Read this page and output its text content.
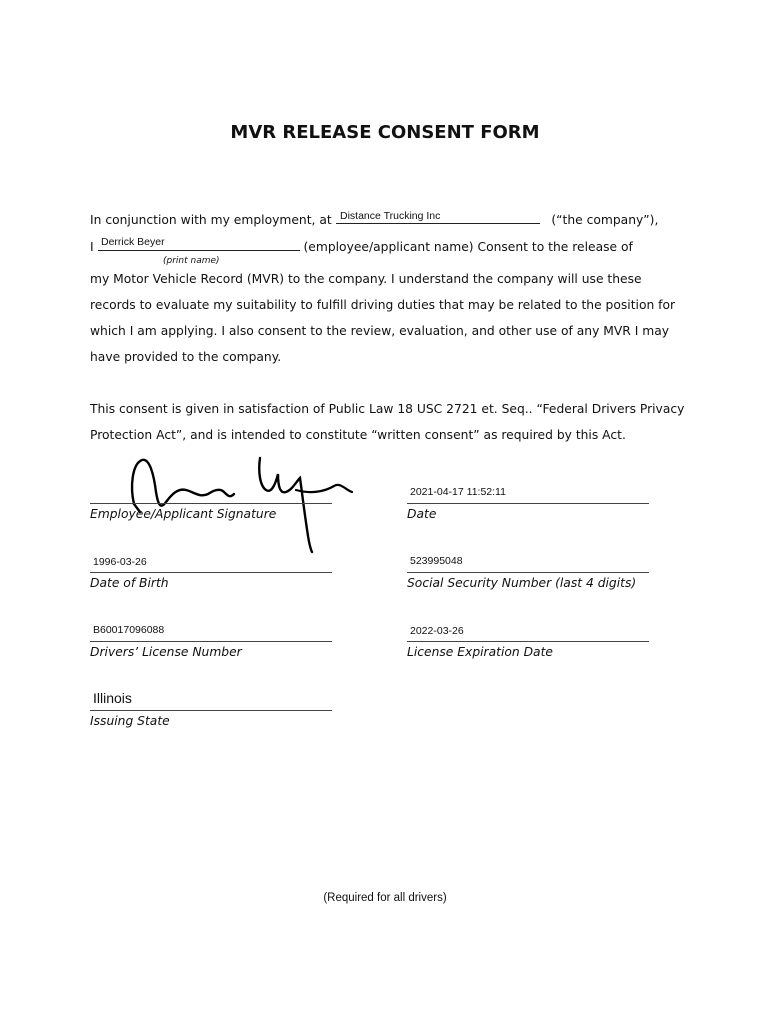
MVR RELEASE CONSENT FORM
In conjunction with my employment, at	(“the company”),
Distance Trucking Inc
I	(employee/applicant name) Consent to the release of
Derrick Beyer
(print name)
my Motor Vehicle Record (MVR) to the company. I understand the company will use these
records to evaluate my suitability to fulfill driving duties that may be related to the position for
which I am applying. I also consent to the review, evaluation, and other use of any MVR I may
have provided to the company.
This consent is given in satisfaction of Public Law 18 USC 2721 et. Seq.. “Federal Drivers Privacy
Protection Act”, and is intended to constitute “written consent” as required by this Act.
Employee/Applicant Signature
2021-04-17 11:52:11
Date
1996-03-26
Date of Birth
523995048
Social Security Number (last 4 digits)
B60017096088
Drivers’ License Number
2022-03-26
License Expiration Date
Illinois
Issuing State
(Required for all drivers)
